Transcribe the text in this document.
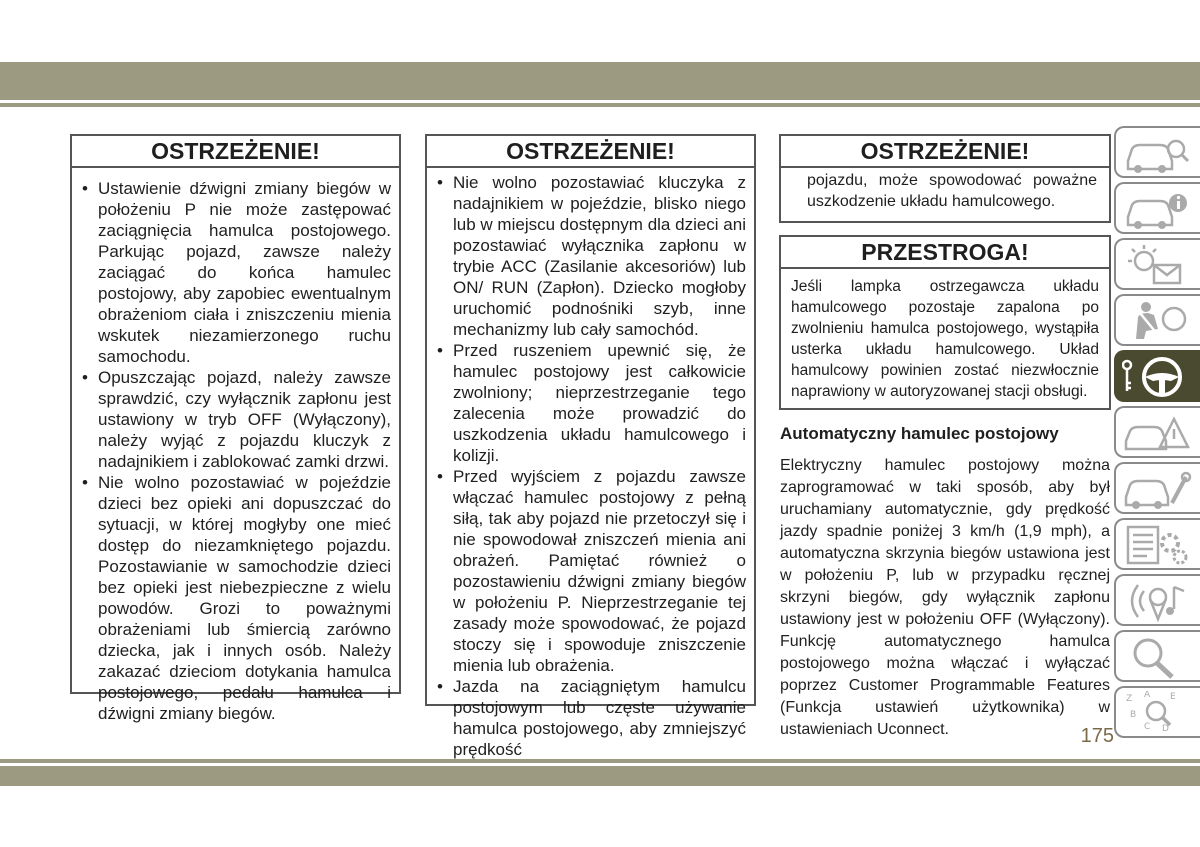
OSTRZEŻENIE!
• Ustawienie dźwigni zmiany biegów w położeniu P nie może zastępować zaciągnięcia hamulca postojowego. Parkując pojazd, zawsze należy zaciągać do końca hamulec postojowy, aby zapobiec ewentualnym obrażeniom ciała i zniszczeniu mienia wskutek niezamierzonego ruchu samochodu.
• Opuszczając pojazd, należy zawsze sprawdzić, czy wyłącznik zapłonu jest ustawiony w tryb OFF (Wyłączony), należy wyjąć z pojazdu kluczyk z nadajnikiem i zablokować zamki drzwi.
• Nie wolno pozostawiać w pojeździe dzieci bez opieki ani dopuszczać do sytuacji, w której mogłyby one mieć dostęp do niezamkniętego pojazdu. Pozostawianie w samochodzie dzieci bez opieki jest niebezpieczne z wielu powodów. Grozi to poważnymi obrażeniami lub śmiercią zarówno dziecka, jak i innych osób. Należy zakazać dzieciom dotykania hamulca postojowego, pedału hamulca i dźwigni zmiany biegów.
OSTRZEŻENIE!
• Nie wolno pozostawiać kluczyka z nadajnikiem w pojeździe, blisko niego lub w miejscu dostępnym dla dzieci ani pozostawiać wyłącznika zapłonu w trybie ACC (Zasilanie akcesoriów) lub ON/ RUN (Zapłon). Dziecko mogłoby uruchomić podnośniki szyb, inne mechanizmy lub cały samochód.
• Przed ruszeniem upewnić się, że hamulec postojowy jest całkowicie zwolniony; nieprzestrzeganie tego zalecenia może prowadzić do uszkodzenia układu hamulcowego i kolizji.
• Przed wyjściem z pojazdu zawsze włączać hamulec postojowy z pełną siłą, tak aby pojazd nie przetoczył się i nie spowodował zniszczeń mienia ani obrażeń. Pamiętać również o pozostawieniu dźwigni zmiany biegów w położeniu P. Nieprzestrzeganie tej zasady może spowodować, że pojazd stoczy się i spowoduje zniszczenie mienia lub obrażenia.
• Jazda na zaciągniętym hamulcu postojowym lub częste używanie hamulca postojowego, aby zmniejszyć prędkość
OSTRZEŻENIE!

pojazdu, może spowodować poważne uszkodzenie układu hamulcowego.

PRZESTROGA!

Jeśli lampka ostrzegawcza układu hamulcowego pozostaje zapalona po zwolnieniu hamulca postojowego, wystąpiła usterka układu hamulcowego. Układ hamulcowy powinien zostać niezwłocznie naprawiony w autoryzowanej stacji obsługi.

Automatyczny hamulec postojowy

Elektryczny hamulec postojowy można zaprogramować w taki sposób, aby był uruchamiany automatycznie, gdy prędkość jazdy spadnie poniżej 3 km/h (1,9 mph), a automatyczna skrzynia biegów ustawiona jest w położeniu P, lub w przypadku ręcznej skrzyni biegów, gdy wyłącznik zapłonu ustawiony jest w położeniu OFF (Wyłączony). Funkcję automatycznego hamulca postojowego można włączać i wyłączać poprzez Customer Programmable Features (Funkcja ustawień użytkownika) w ustawieniach Uconnect.	175
Z A E
B
C D
